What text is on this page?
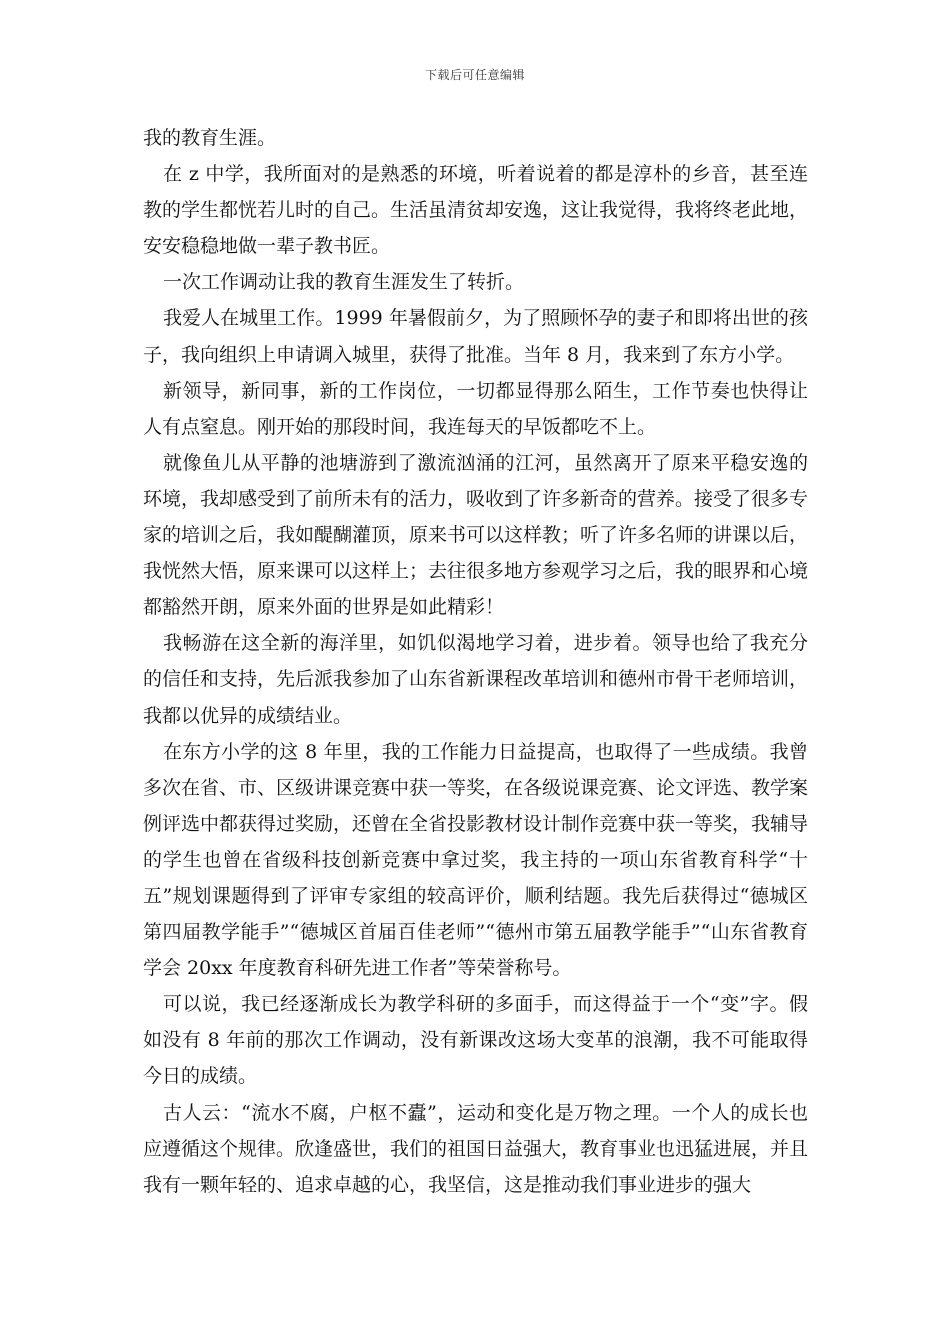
下载后可任意编辑

我的教育生涯。

在 z 中学，我所面对的是熟悉的环境，听着说着的都是淳朴的乡音，甚至连教的学生都恍若儿时的自己。生活虽清贫却安逸，这让我觉得，我将终老此地，安安稳稳地做一辈子教书匠。

一次工作调动让我的教育生涯发生了转折。

我爱人在城里工作。1999 年暑假前夕，为了照顾怀孕的妻子和即将出世的孩子，我向组织上申请调入城里，获得了批准。当年 8 月，我来到了东方小学。

新领导，新同事，新的工作岗位，一切都显得那么陌生，工作节奏也快得让人有点窒息。刚开始的那段时间，我连每天的早饭都吃不上。

就像鱼儿从平静的池塘游到了激流汹涌的江河，虽然离开了原来平稳安逸的环境，我却感受到了前所未有的活力，吸收到了许多新奇的营养。接受了很多专家的培训之后，我如醍醐灌顶，原来书可以这样教；听了许多名师的讲课以后，我恍然大悟，原来课可以这样上；去往很多地方参观学习之后，我的眼界和心境都豁然开朗，原来外面的世界是如此精彩！

我畅游在这全新的海洋里，如饥似渴地学习着，进步着。领导也给了我充分的信任和支持，先后派我参加了山东省新课程改革培训和德州市骨干老师培训，我都以优异的成绩结业。

在东方小学的这 8 年里，我的工作能力日益提高，也取得了一些成绩。我曾多次在省、市、区级讲课竞赛中获一等奖，在各级说课竞赛、论文评选、教学案例评选中都获得过奖励，还曾在全省投影教材设计制作竞赛中获一等奖，我辅导的学生也曾在省级科技创新竞赛中拿过奖，我主持的一项山东省教育科学“十五”规划课题得到了评审专家组的较高评价，顺利结题。我先后获得过“德城区第四届教学能手”“德城区首届百佳老师”“德州市第五届教学能手”“山东省教育学会 20xx 年度教育科研先进工作者”等荣誉称号。

可以说，我已经逐渐成长为教学科研的多面手，而这得益于一个“变”字。假如没有 8 年前的那次工作调动，没有新课改这场大变革的浪潮，我不可能取得今日的成绩。

古人云：“流水不腐，户枢不蠹”，运动和变化是万物之理。一个人的成长也应遵循这个规律。欣逢盛世，我们的祖国日益强大，教育事业也迅猛进展，并且我有一颗年轻的、追求卓越的心，我坚信，这是推动我们事业进步的强大
